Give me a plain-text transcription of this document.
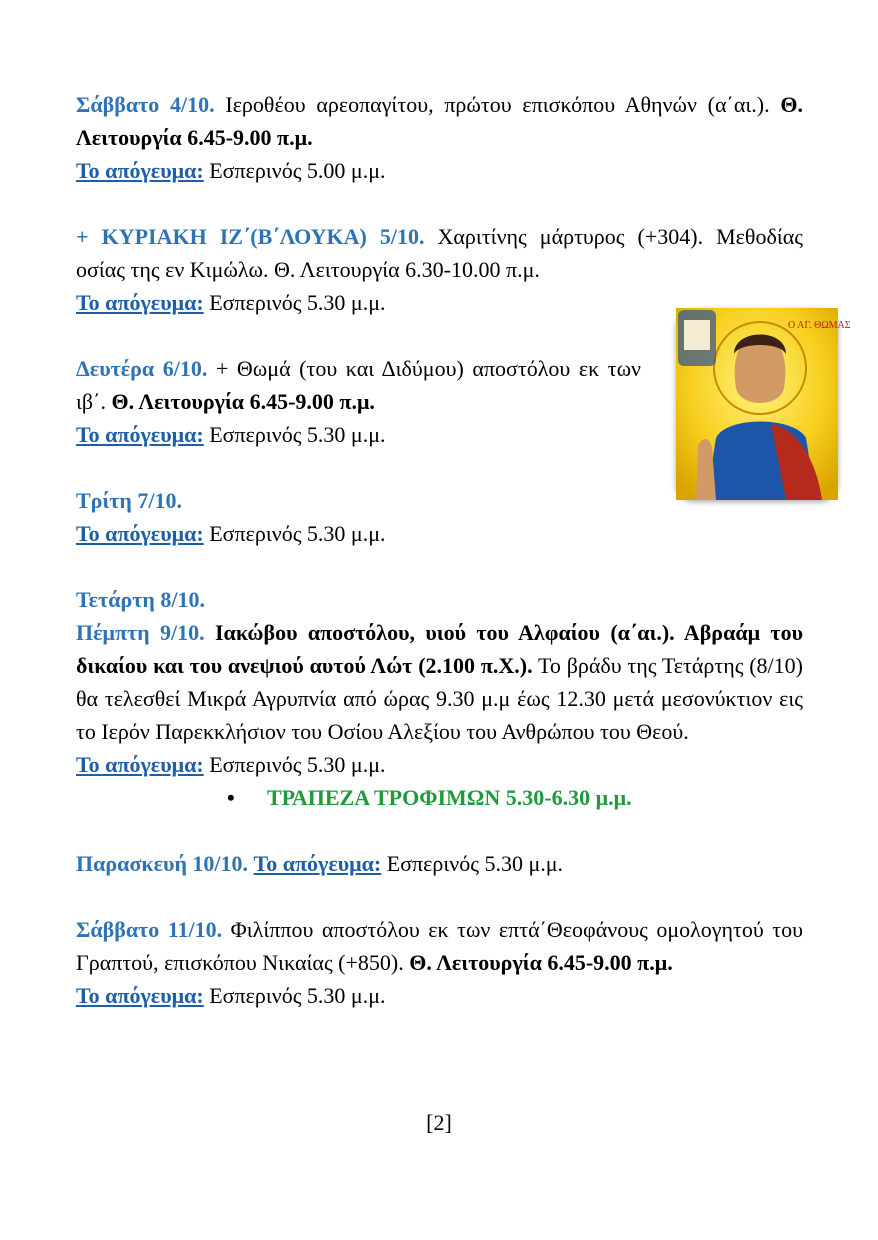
Σάββατο 4/10. Ιεροθέου αρεοπαγίτου, πρώτου επισκόπου Αθηνών (α΄αι.). Θ. Λειτουργία 6.45-9.00 π.μ.
Το απόγευμα: Εσπερινός 5.00 μ.μ.
+ ΚΥΡΙΑΚΗ ΙΖ΄(Β΄ΛΟΥΚΑ) 5/10. Χαριτίνης μάρτυρος (+304). Μεθοδίας οσίας της εν Κιμώλω. Θ. Λειτουργία 6.30-10.00 π.μ.
Το απόγευμα: Εσπερινός 5.30 μ.μ.
Δευτέρα 6/10. + Θωμά (του και Διδύμου) αποστόλου εκ των ιβ΄. Θ. Λειτουργία 6.45-9.00 π.μ.
Το απόγευμα: Εσπερινός 5.30 μ.μ.
Τρίτη 7/10.
Το απόγευμα: Εσπερινός 5.30 μ.μ.
Τετάρτη 8/10.
Πέμπτη 9/10. Ιακώβου αποστόλου, υιού του Αλφαίου (α΄αι.). Αβραάμ του δικαίου και του ανεψιού αυτού Λώτ (2.100 π.Χ.). Το βράδυ της Τετάρτης (8/10) θα τελεσθεί Μικρά Αγρυπνία από ώρας 9.30 μ.μ έως 12.30 μετά μεσονύκτιον εις το Ιερόν Παρεκκλήσιον του Οσίου Αλεξίου του Ανθρώπου του Θεού.
Το απόγευμα: Εσπερινός 5.30 μ.μ.
• ΤΡΑΠΕΖΑ ΤΡΟΦΙΜΩΝ 5.30-6.30 μ.μ.
Παρασκευή 10/10. Το απόγευμα: Εσπερινός 5.30 μ.μ.
Σάββατο 11/10. Φιλίππου αποστόλου εκ των επτά΄Θεοφάνους ομολογητού του Γραπτού, επισκόπου Νικαίας (+850). Θ. Λειτουργία 6.45-9.00 π.μ.
Το απόγευμα: Εσπερινός 5.30 μ.μ.
Ο ΑΓ. ΘΩΜΑΣ
[2]
